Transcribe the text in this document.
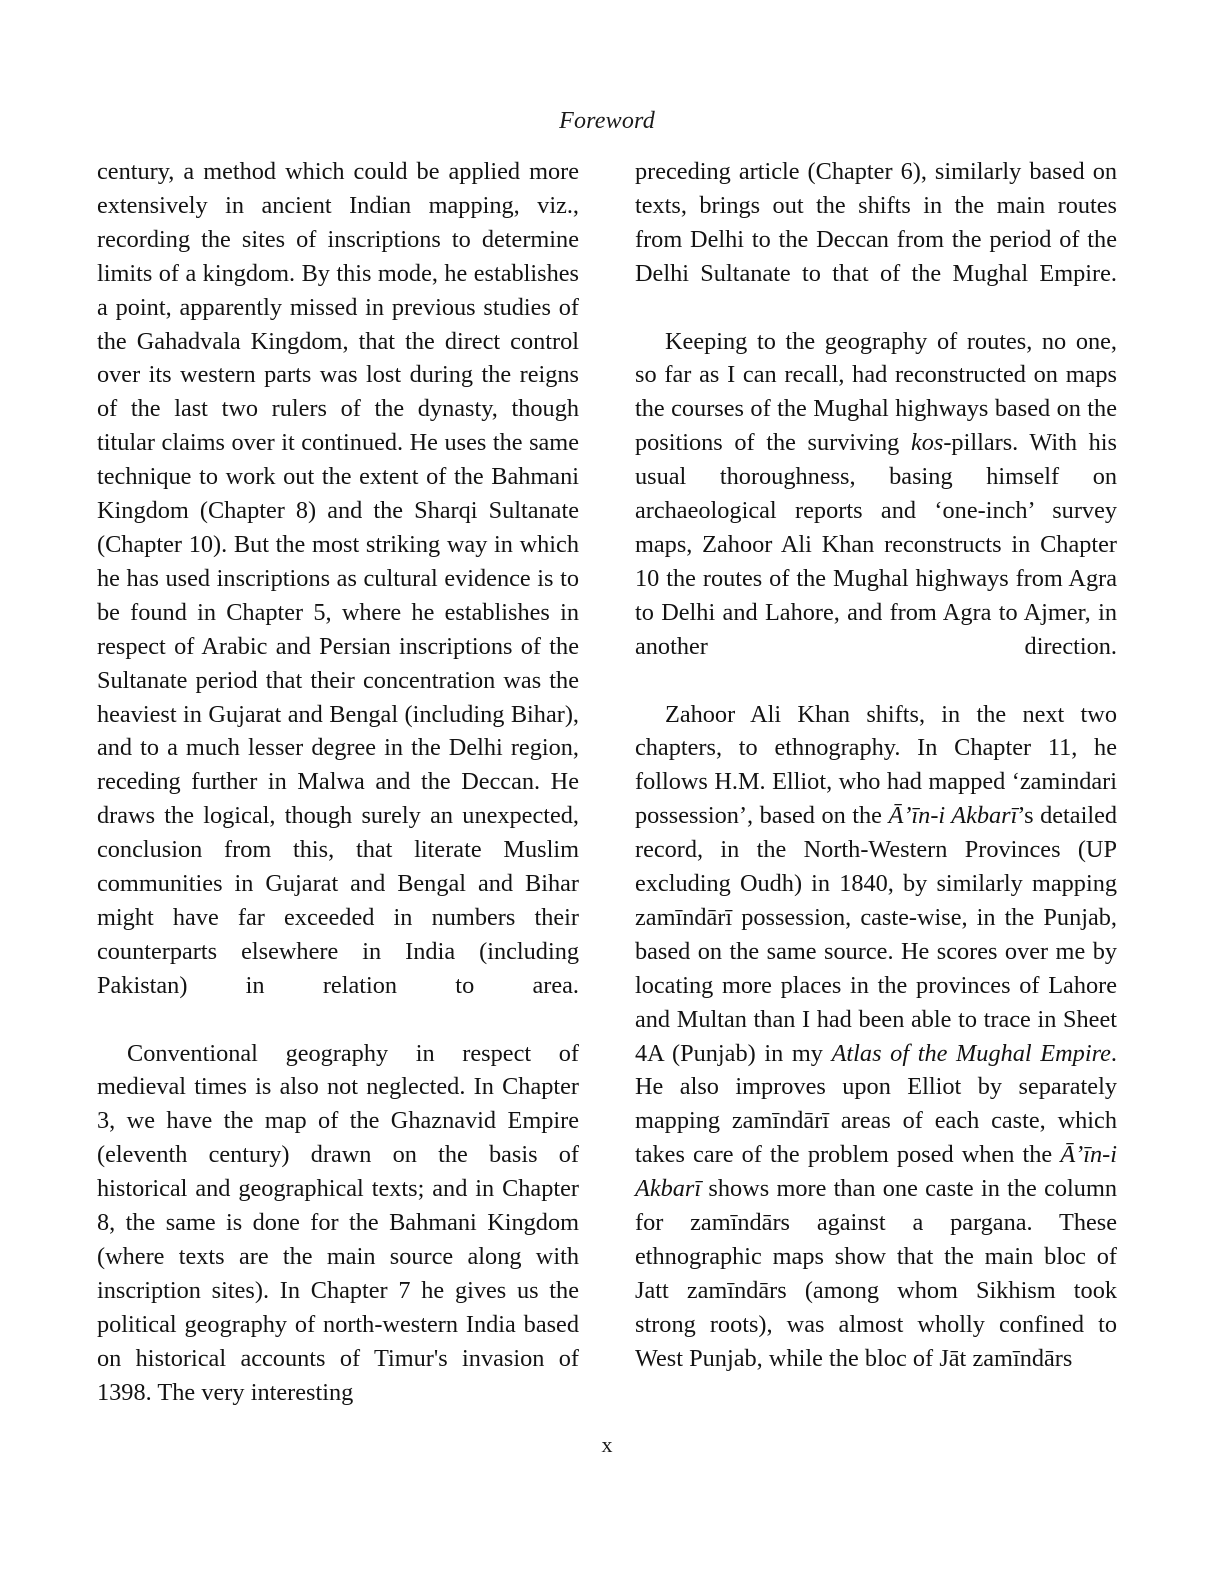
Foreword

century, a method which could be applied more extensively in ancient Indian mapping, viz., recording the sites of inscriptions to determine limits of a kingdom. By this mode, he establishes a point, apparently missed in previous studies of the Gahadvala Kingdom, that the direct control over its western parts was lost during the reigns of the last two rulers of the dynasty, though titular claims over it continued. He uses the same technique to work out the extent of the Bahmani Kingdom (Chapter 8) and the Sharqi Sultanate (Chapter 10). But the most striking way in which he has used inscriptions as cultural evidence is to be found in Chapter 5, where he establishes in respect of Arabic and Persian inscriptions of the Sultanate period that their concentration was the heaviest in Gujarat and Bengal (including Bihar), and to a much lesser degree in the Delhi region, receding further in Malwa and the Deccan. He draws the logical, though surely an unexpected, conclusion from this, that literate Muslim communities in Gujarat and Bengal and Bihar might have far exceeded in numbers their counterparts elsewhere in India (including Pakistan) in relation to area.

Conventional geography in respect of medieval times is also not neglected. In Chapter 3, we have the map of the Ghaznavid Empire (eleventh century) drawn on the basis of historical and geographical texts; and in Chapter 8, the same is done for the Bahmani Kingdom (where texts are the main source along with inscription sites). In Chapter 7 he gives us the political geography of north-western India based on historical accounts of Timur's invasion of 1398. The very interesting

preceding article (Chapter 6), similarly based on texts, brings out the shifts in the main routes from Delhi to the Deccan from the period of the Delhi Sultanate to that of the Mughal Empire.

Keeping to the geography of routes, no one, so far as I can recall, had reconstructed on maps the courses of the Mughal highways based on the positions of the surviving kos-pillars. With his usual thoroughness, basing himself on archaeological reports and ‘one-inch’ survey maps, Zahoor Ali Khan reconstructs in Chapter 10 the routes of the Mughal highways from Agra to Delhi and Lahore, and from Agra to Ajmer, in another direction.

Zahoor Ali Khan shifts, in the next two chapters, to ethnography. In Chapter 11, he follows H.M. Elliot, who had mapped ‘zamindari possession’, based on the Ā’īn-i Akbarī’s detailed record, in the North-Western Provinces (UP excluding Oudh) in 1840, by similarly mapping zamīndārī possession, caste-wise, in the Punjab, based on the same source. He scores over me by locating more places in the provinces of Lahore and Multan than I had been able to trace in Sheet 4A (Punjab) in my Atlas of the Mughal Empire. He also improves upon Elliot by separately mapping zamīndārī areas of each caste, which takes care of the problem posed when the Ā’īn-i Akbarī shows more than one caste in the column for zamīndārs against a pargana. These ethnographic maps show that the main bloc of Jatt zamīndārs (among whom Sikhism took strong roots), was almost wholly confined to West Punjab, while the bloc of Jāt zamīndārs

x
